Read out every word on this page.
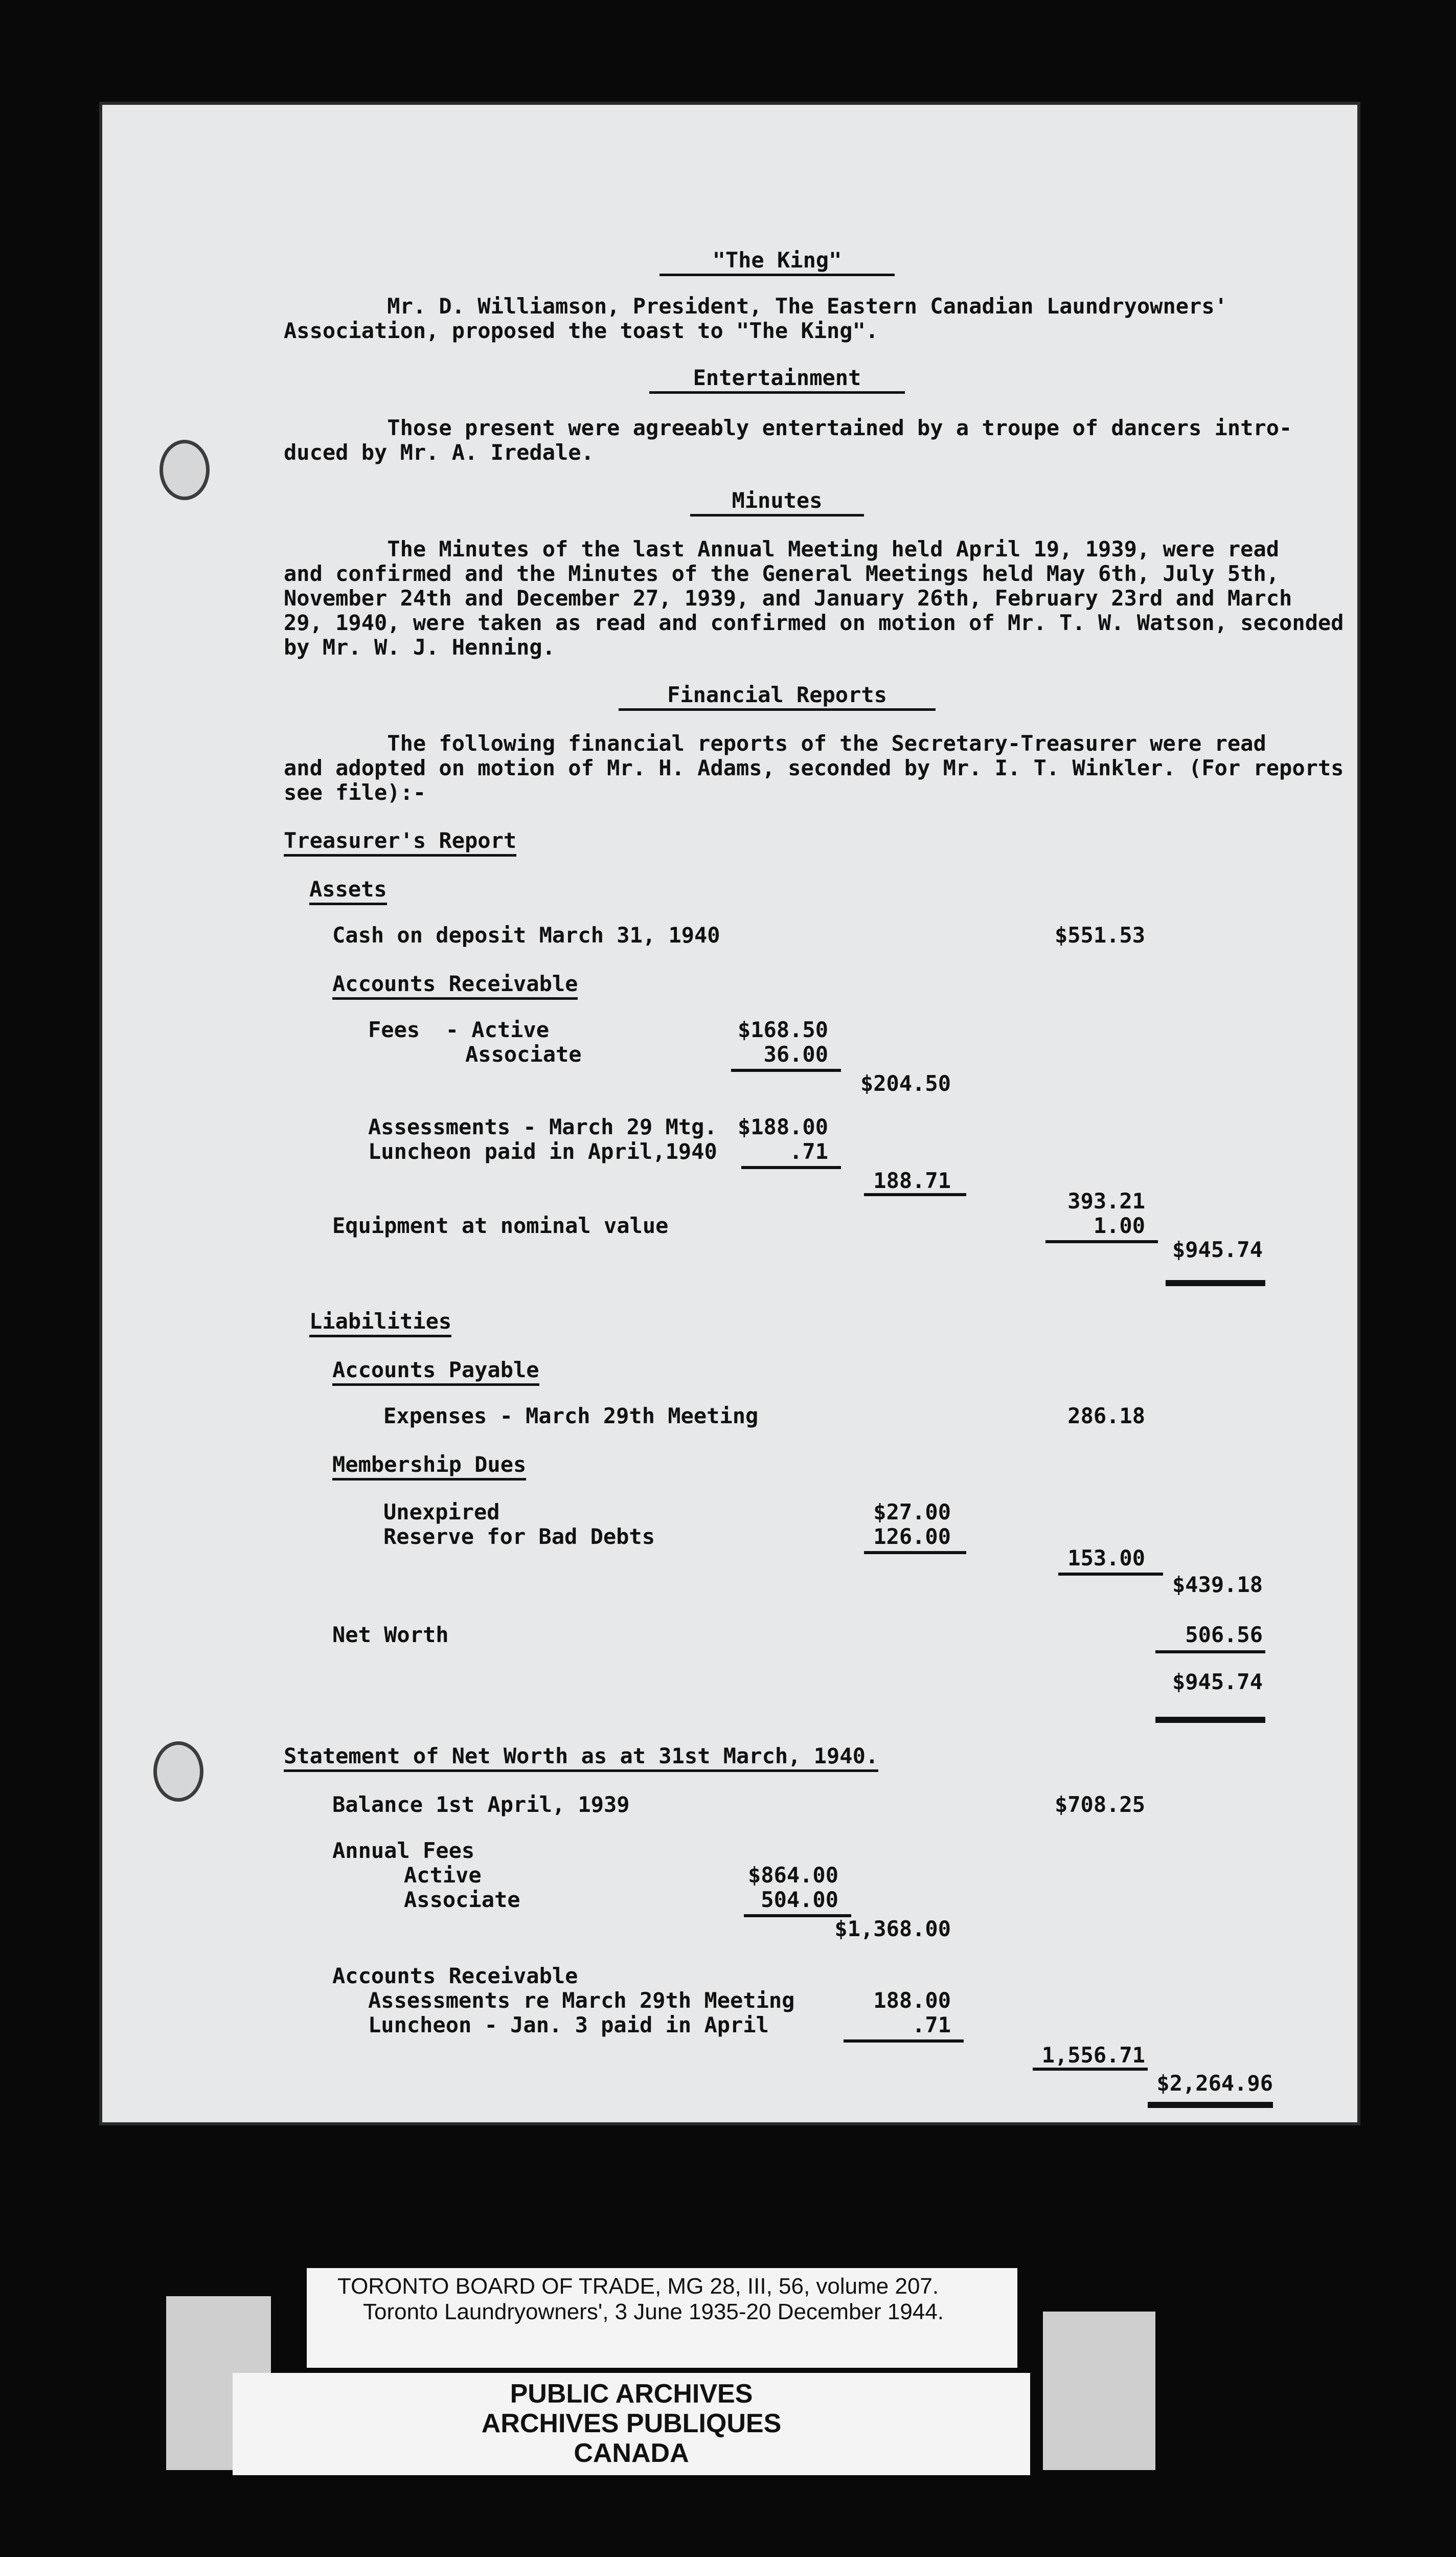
"The King"
Mr. D. Williamson, President, The Eastern Canadian Laundryowners'
Association, proposed the toast to "The King".
Entertainment
Those present were agreeably entertained by a troupe of dancers intro-
duced by Mr. A. Iredale.
Minutes
The Minutes of the last Annual Meeting held April 19, 1939, were read
and confirmed and the Minutes of the General Meetings held May 6th, July 5th,
November 24th and December 27, 1939, and January 26th, February 23rd and March
29, 1940, were taken as read and confirmed on motion of Mr. T. W. Watson, seconded
by Mr. W. J. Henning.
Financial Reports
The following financial reports of the Secretary-Treasurer were read
and adopted on motion of Mr. H. Adams, seconded by Mr. I. T. Winkler. (For reports
see file):-
Treasurer's Report
Assets
Cash on deposit March 31, 1940	$551.53
Accounts Receivable
Fees  - Active	$168.50
Associate	36.00
$204.50
Assessments - March 29 Mtg. $188.00
Luncheon paid in April,1940	.71
188.71
393.21
Equipment at nominal value	1.00
$945.74
Liabilities
Accounts Payable
Expenses - March 29th Meeting	286.18
Membership Dues
Unexpired	$27.00
Reserve for Bad Debts	126.00
153.00
$439.18
Net Worth	506.56
$945.74
Statement of Net Worth as at 31st March, 1940.
Balance 1st April, 1939	$708.25
Annual Fees
Active	$864.00
Associate	504.00
$1,368.00
Accounts Receivable
Assessments re March 29th Meeting	188.00
Luncheon - Jan. 3 paid in April	.71
1,556.71
$2,264.96
TORONTO BOARD OF TRADE, MG 28, III, 56, volume 207.
Toronto Laundryowners', 3 June 1935-20 December 1944.
PUBLIC ARCHIVES
ARCHIVES PUBLIQUES
CANADA
